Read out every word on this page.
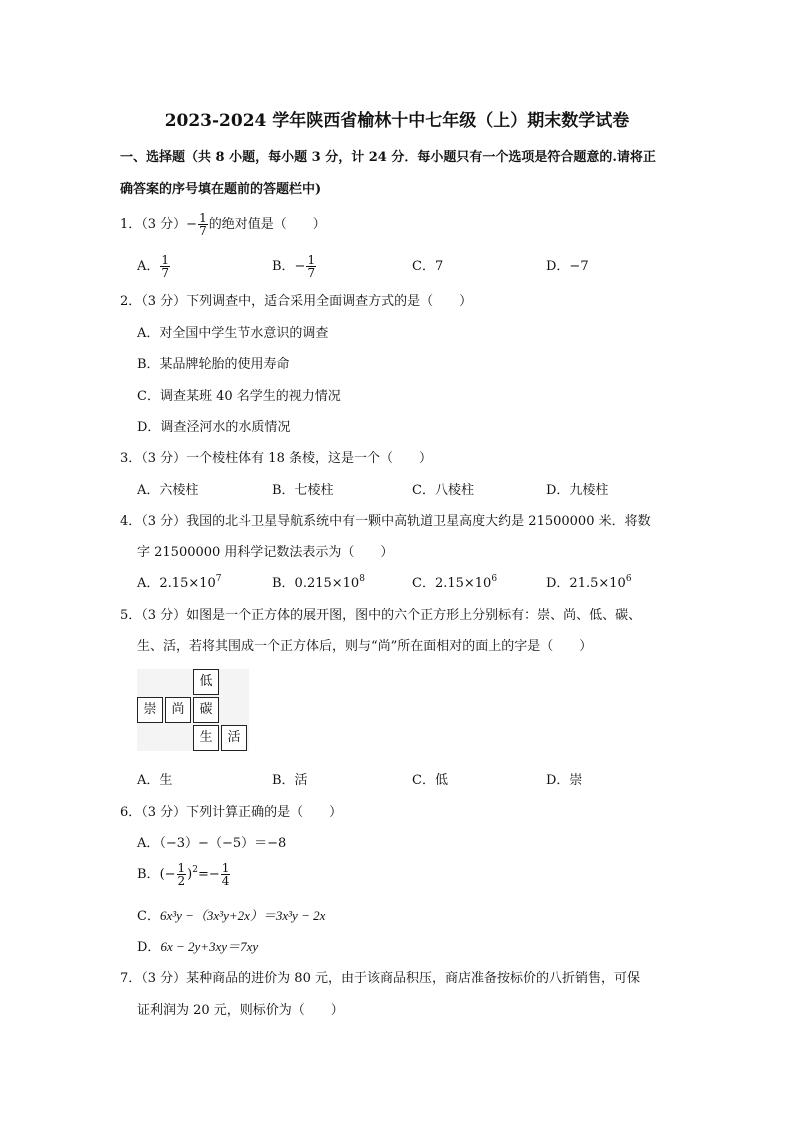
2023-2024 学年陕西省榆林十中七年级（上）期末数学试卷
一、选择题（共 8 小题，每小题 3 分，计 24 分．每小题只有一个选项是符合题意的.请将正
确答案的序号填在题前的答题栏中)
1．（3 分）− $\frac{1}{7}$ 的绝对值是（　　）
A． $\frac{1}{7}$	B．− $\frac{1}{7}$	C．7	D．−7
2．（3 分）下列调查中，适合采用全面调查方式的是（　　）
A．对全国中学生节水意识的调查
B．某品牌轮胎的使用寿命
C．调查某班 40 名学生的视力情况
D．调查泾河水的水质情况
3．（3 分）一个棱柱体有 18 条棱，这是一个（　　）
A．六棱柱	B．七棱柱	C．八棱柱	D．九棱柱
4．（3 分）我国的北斗卫星导航系统中有一颗中高轨道卫星高度大约是 21500000 米．将数
字 21500000 用科学记数法表示为（　　）
A．$2.15\times 10^7$	B．$0.215\times 10^8$	C．$2.15\times 10^6$	D．$21.5\times 10^6$
5．（3 分）如图是一个正方体的展开图，图中的六个正方形上分别标有：崇、尚、低、碳、
生、活，若将其围成一个正方体后，则与“尚”所在面相对的面上的字是（　　）
低
崇	尚	碳
生	活
A．生	B．活	C．低	D．崇
6．（3 分）下列计算正确的是（　　）
A．（−3）−（−5）＝−8
B．(− $\frac{1}{2} )^2=- \frac{1}{4}$
C．6x³y −（3x³y+2x）＝3x³y − 2x
D．6x − 2y+3xy＝7xy
7．（3 分）某种商品的进价为 80 元，由于该商品积压，商店准备按标价的八折销售，可保
证利润为 20 元，则标价为（　　）
